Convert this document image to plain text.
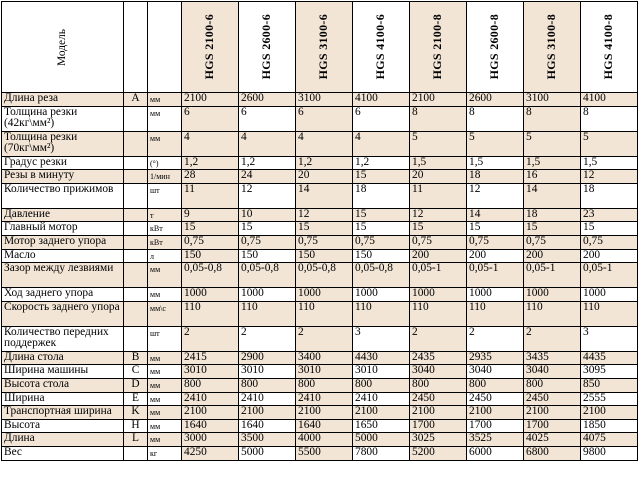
Модель			HGS 2100-6	HGS 2600-6	HGS 3100-6	HGS 4100-6	HGS 2100-8	HGS 2600-8	HGS 3100-8	HGS 4100-8

Длина реза	A	мм	2100	2600	3100	4100	2100	2600	3100	4100
Толщина резки (42кг\мм²)		мм	6	6	6	6	8	8	8	8
Толщина резки (70кг\мм²)		мм	4	4	4	4	5	5	5	5
Градус резки		(°)	1,2	1,2	1,2	1,2	1,5	1,5	1,5	1,5
Резы в минуту		1/мин	28	24	20	15	20	18	16	12
Количество прижимов		шт	11	12	14	18	11	12	14	18
Давление		т	9	10	12	15	12	14	18	23
Главный мотор		кВт	15	15	15	15	15	15	15	15
Мотор заднего упора		кВт	0,75	0,75	0,75	0,75	0,75	0,75	0,75	0,75
Масло		л	150	150	150	150	200	200	200	200
Зазор между лезвиями		мм	0,05-0,8	0,05-0,8	0,05-0,8	0,05-0,8	0,05-1	0,05-1	0,05-1	0,05-1
Ход заднего упора		мм	1000	1000	1000	1000	1000	1000	1000	1000
Скорость заднего упора		мм\с	110	110	110	110	110	110	110	110
Количество передних поддержек		шт	2	2	2	3	2	2	2	3
Длина стола	B	мм	2415	2900	3400	4430	2435	2935	3435	4435
Ширина машины	C	мм	3010	3010	3010	3010	3040	3040	3040	3095
Высота стола	D	мм	800	800	800	800	800	800	800	850
Ширина	E	мм	2410	2410	2410	2410	2450	2450	2450	2555
Транспортная ширина	K	мм	2100	2100	2100	2100	2100	2100	2100	2100
Высота	H	мм	1640	1640	1640	1650	1700	1700	1700	1850
Длина	L	мм	3000	3500	4000	5000	3025	3525	4025	4075
Вес		кг	4250	5000	5500	7800	5200	6000	6800	9800
